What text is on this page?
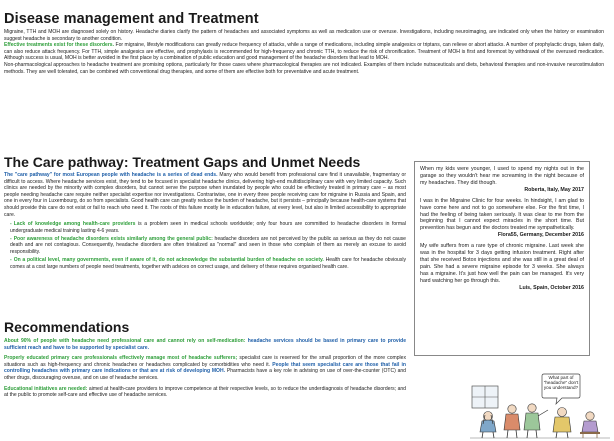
Disease management and Treatment

Migraine, TTH and MOH are diagnosed solely on history. Headache diaries clarify the pattern of headaches and associated symptoms as well as medication use or overuse. Investigations, including neuroimaging, are indicated only when the history or examination suggest headache is secondary to another condition.

Effective treatments exist for these disorders. For migraine, lifestyle modifications can greatly reduce frequency of attacks, while a range of medications, including simple analgesics or triptans, can relieve or abort attacks. A number of prophylactic drugs, taken daily, can also reduce attack frequency. For TTH, simple analgesics are effective, and prophylaxis is recommended for high-frequency and chronic TTH, to reduce the risk of chronification. Treatment of MOH is first and foremost by withdrawal of the overused medication. Although success is usual, MOH is better avoided in the first place by a combination of public education and good management of the headache disorders that lead to MOH.

Non-pharmacological approaches to headache treatment are promising options, particularly for those cases where pharmacological therapies are not indicated. Examples of them include nutraceuticals and diets, behavioral therapies and non-invasive neurostimulation methods. They are well tolerated, can be combined with conventional drug therapies, and some of them are effective both for preventative and acute treatment.

The Care pathway: Treatment Gaps and Unmet Needs

The "care pathway" for most European people with headache is a series of dead ends. Many who would benefit from professional care find it unavailable, fragmentary or difficult to access. Where headache services exist, they tend to be focused in specialist headache clinics, delivering high-end multidisciplinary care with very limited capacity. Such clinics are needed by the minority with complex disorders, but cannot serve the purpose when inundated by people who could be effectively treated in primary care – as most people needing headache care require neither specialist expertise nor investigations. Contrariwise, one in every three people receiving care for migraine in Russia and Spain, and one in every four in Luxembourg, do so from specialists. Good health care can greatly reduce the burden of headache, but it persists – principally because health-care systems that should provide this care do not exist or fail to reach who need it. The roots of this failure mostly lie in education failure, at every level, but also in limited accessibility to appropriate care.

- Lack of knowledge among health-care providers is a problem seen in medical schools worldwide; only four hours are committed to headache disorders in formal undergraduate medical training lasting 4-6 years.
- Poor awareness of headache disorders exists similarly among the general public: headache disorders are not perceived by the public as serious as they do not cause death and are not contagious. Consequently, headache disorders are often trivialized as "normal" and seen in those who complain of them as merely an excuse to avoid responsibility.
- On a political level, many governments, even if aware of it, do not acknowledge the substantial burden of headache on society. Health care for headache obviously comes at a cost large numbers of people need treatments, together with advices on correct usage, and delivery of these requires organised health care.
Recommendations

About 90% of people with headache need professional care and cannot rely on self-medication: headache services should be based in primary care to provide sufficient reach and have to be supported by specialist care.

Properly educated primary care professionals effectively manage most of headache sufferers; specialist care is reserved for the small proportion of the more complex situations such as high-frequency and chronic headaches or headaches complicated by comorbidities who need it. People that seem specialist care are those that fail in controlling headaches with primary care indications or that are at risk of developing MOH. Pharmacists have a key role in advising on use of over-the-counter (OTC) and other drugs, discouraging overuse, and on use of headache services.

Educational initiatives are needed: aimed at health-care providers to improve competence at their respective levels, so to reduce the underdiagnosis of headache disorders; and at the public to promote self-care and effective use of headache services.

When my kids were younger, I used to spend my nights out in the garage so they wouldn't hear me screaming in the night because of my headaches. They did though.
Roberta, Italy, May 2017
I was in the Migraine Clinic for four weeks. In hindsight, I am glad to have come here and not to go somewhere else. For the first time, I had the feeling of being taken seriously. It was clear to me from the beginning that I cannot expect miracles in the short time. But prevention has begun and the doctors treated me sympathetically.
Flora55, Germany, December 2016
My wife suffers from a rare type of chronic migraine. Last week she was in the hospital for 3 days getting infusion treatment. Right after that she received Botox injections and she was still in a great deal of pain. She had a severe migraine episode for 3 weeks. She always has a migraine. It's just how well the pain can be managed. It's very hard watching her go through this.
Luis, Spain, October 2016
What part of "headache" don't you understand?
